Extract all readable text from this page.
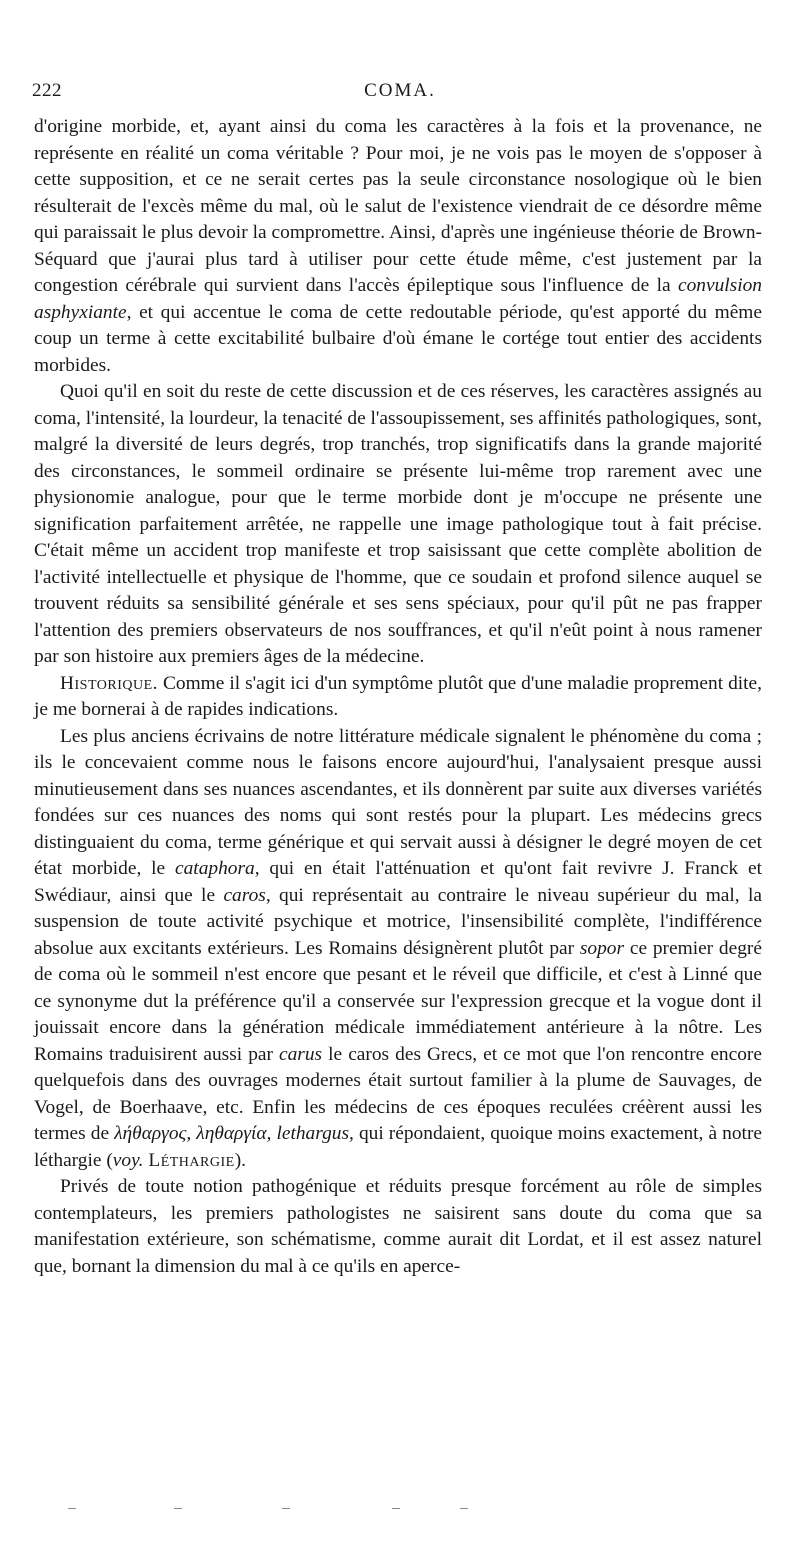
222	COMA.

d'origine morbide, et, ayant ainsi du coma les caractères à la fois et la provenance, ne représente en réalité un coma véritable ? Pour moi, je ne vois pas le moyen de s'opposer à cette supposition, et ce ne serait certes pas la seule circonstance nosologique où le bien résulterait de l'excès même du mal, où le salut de l'existence viendrait de ce désordre même qui paraissait le plus devoir la compromettre. Ainsi, d'après une ingénieuse théorie de Brown-Séquard que j'aurai plus tard à utiliser pour cette étude même, c'est justement par la congestion cérébrale qui survient dans l'accès épileptique sous l'influence de la convulsion asphyxiante, et qui accentue le coma de cette redoutable période, qu'est apporté du même coup un terme à cette excitabilité bulbaire d'où émane le cortége tout entier des accidents morbides.

Quoi qu'il en soit du reste de cette discussion et de ces réserves, les caractères assignés au coma, l'intensité, la lourdeur, la tenacité de l'assoupissement, ses affinités pathologiques, sont, malgré la diversité de leurs degrés, trop tranchés, trop significatifs dans la grande majorité des circonstances, le sommeil ordinaire se présente lui-même trop rarement avec une physionomie analogue, pour que le terme morbide dont je m'occupe ne présente une signification parfaitement arrêtée, ne rappelle une image pathologique tout à fait précise. C'était même un accident trop manifeste et trop saisissant que cette complète abolition de l'activité intellectuelle et physique de l'homme, que ce soudain et profond silence auquel se trouvent réduits sa sensibilité générale et ses sens spéciaux, pour qu'il pût ne pas frapper l'attention des premiers observateurs de nos souffrances, et qu'il n'eût point à nous ramener par son histoire aux premiers âges de la médecine.

Historique. Comme il s'agit ici d'un symptôme plutôt que d'une maladie proprement dite, je me bornerai à de rapides indications.

Les plus anciens écrivains de notre littérature médicale signalent le phénomène du coma ; ils le concevaient comme nous le faisons encore aujourd'hui, l'analysaient presque aussi minutieusement dans ses nuances ascendantes, et ils donnèrent par suite aux diverses variétés fondées sur ces nuances des noms qui sont restés pour la plupart. Les médecins grecs distinguaient du coma, terme générique et qui servait aussi à désigner le degré moyen de cet état morbide, le cataphora, qui en était l'atténuation et qu'ont fait revivre J. Franck et Swédiaur, ainsi que le caros, qui représentait au contraire le niveau supérieur du mal, la suspension de toute activité psychique et motrice, l'insensibilité complète, l'indifférence absolue aux excitants extérieurs. Les Romains désignèrent plutôt par sopor ce premier degré de coma où le sommeil n'est encore que pesant et le réveil que difficile, et c'est à Linné que ce synonyme dut la préférence qu'il a conservée sur l'expression grecque et la vogue dont il jouissait encore dans la génération médicale immédiatement antérieure à la nôtre. Les Romains traduisirent aussi par carus le caros des Grecs, et ce mot que l'on rencontre encore quelquefois dans des ouvrages modernes était surtout familier à la plume de Sauvages, de Vogel, de Boerhaave, etc. Enfin les médecins de ces époques reculées créèrent aussi les termes de λήθαργος, ληθαργία, lethargus, qui répondaient, quoique moins exactement, à notre léthargie (voy. Léthargie).

Privés de toute notion pathogénique et réduits presque forcément au rôle de simples contemplateurs, les premiers pathologistes ne saisirent sans doute du coma que sa manifestation extérieure, son schématisme, comme aurait dit Lordat, et il est assez naturel que, bornant la dimension du mal à ce qu'ils en apercе-
